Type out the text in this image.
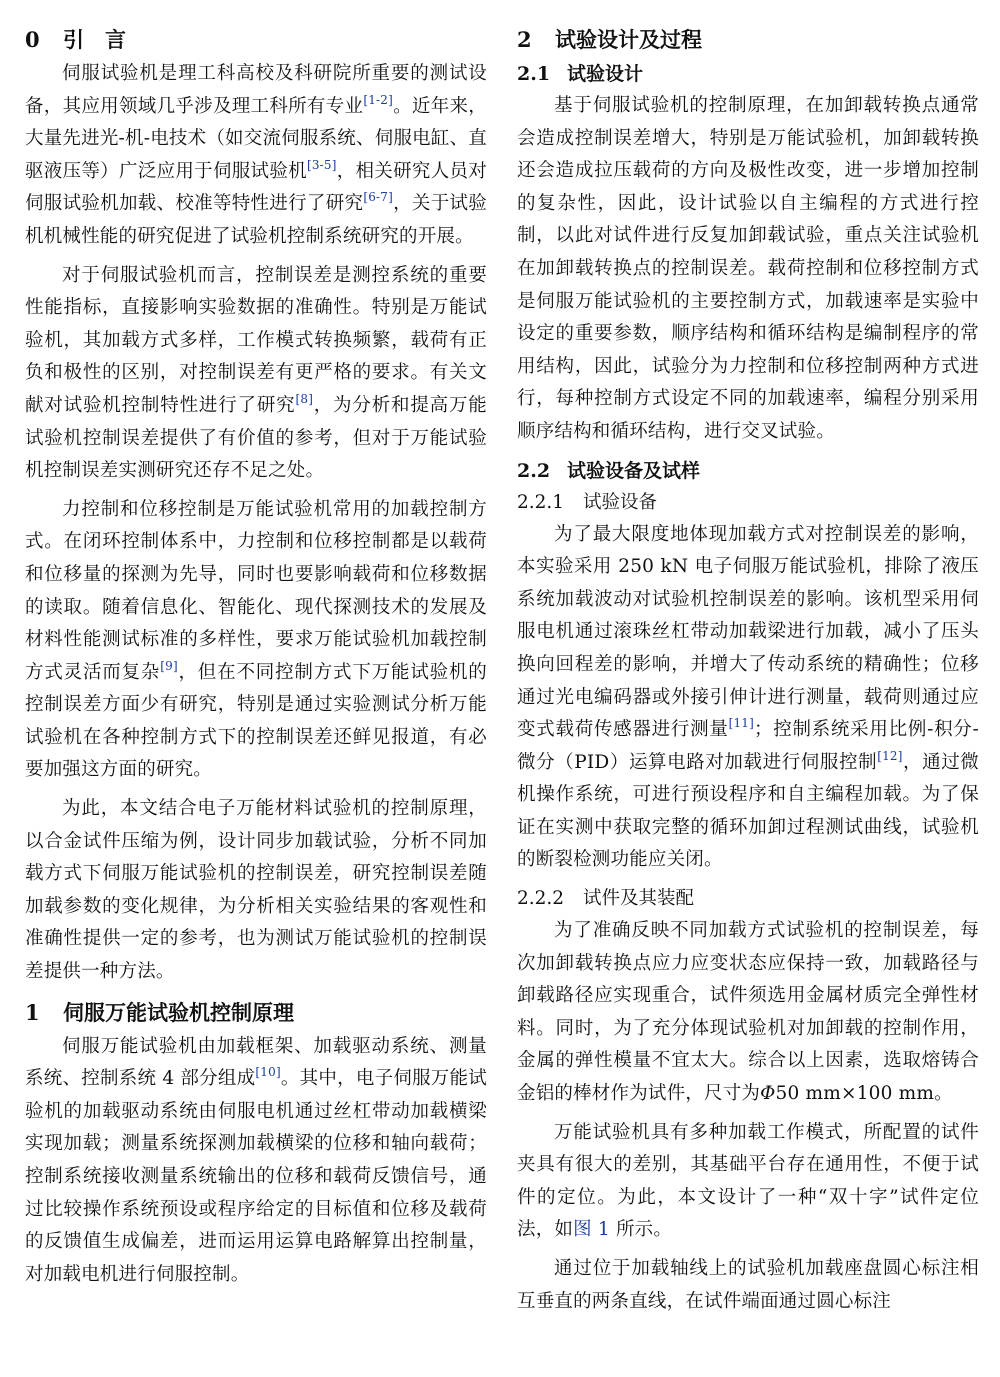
0 引　言

伺服试验机是理工科高校及科研院所重要的测试设备，其应用领域几乎涉及理工科所有专业[1-2]。近年来，大量先进光-机-电技术（如交流伺服系统、伺服电缸、直驱液压等）广泛应用于伺服试验机[3-5]，相关研究人员对伺服试验机加载、校准等特性进行了研究[6-7]，关于试验机机械性能的研究促进了试验机控制系统研究的开展。

对于伺服试验机而言，控制误差是测控系统的重要性能指标，直接影响实验数据的准确性。特别是万能试验机，其加载方式多样，工作模式转换频繁，载荷有正负和极性的区别，对控制误差有更严格的要求。有关文献对试验机控制特性进行了研究[8]，为分析和提高万能试验机控制误差提供了有价值的参考，但对于万能试验机控制误差实测研究还存不足之处。

力控制和位移控制是万能试验机常用的加载控制方式。在闭环控制体系中，力控制和位移控制都是以载荷和位移量的探测为先导，同时也要影响载荷和位移数据的读取。随着信息化、智能化、现代探测技术的发展及材料性能测试标准的多样性，要求万能试验机加载控制方式灵活而复杂[9]，但在不同控制方式下万能试验机的控制误差方面少有研究，特别是通过实验测试分析万能试验机在各种控制方式下的控制误差还鲜见报道，有必要加强这方面的研究。

为此，本文结合电子万能材料试验机的控制原理，以合金试件压缩为例，设计同步加载试验，分析不同加载方式下伺服万能试验机的控制误差，研究控制误差随加载参数的变化规律，为分析相关实验结果的客观性和准确性提供一定的参考，也为测试万能试验机的控制误差提供一种方法。

1 伺服万能试验机控制原理

伺服万能试验机由加载框架、加载驱动系统、测量系统、控制系统 4 部分组成[10]。其中，电子伺服万能试验机的加载驱动系统由伺服电机通过丝杠带动加载横梁实现加载；测量系统探测加载横梁的位移和轴向载荷；控制系统接收测量系统输出的位移和载荷反馈信号，通过比较操作系统预设或程序给定的目标值和位移及载荷的反馈值生成偏差，进而运用运算电路解算出控制量，对加载电机进行伺服控制。

2 试验设计及过程
2.1 试验设计

基于伺服试验机的控制原理，在加卸载转换点通常会造成控制误差增大，特别是万能试验机，加卸载转换还会造成拉压载荷的方向及极性改变，进一步增加控制的复杂性，因此，设计试验以自主编程的方式进行控制，以此对试件进行反复加卸载试验，重点关注试验机在加卸载转换点的控制误差。载荷控制和位移控制方式是伺服万能试验机的主要控制方式，加载速率是实验中设定的重要参数，顺序结构和循环结构是编制程序的常用结构，因此，试验分为力控制和位移控制两种方式进行，每种控制方式设定不同的加载速率，编程分别采用顺序结构和循环结构，进行交叉试验。

2.2 试验设备及试样
2.2.1 试验设备

为了最大限度地体现加载方式对控制误差的影响，本实验采用 250 kN 电子伺服万能试验机，排除了液压系统加载波动对试验机控制误差的影响。该机型采用伺服电机通过滚珠丝杠带动加载梁进行加载，减小了压头换向回程差的影响，并增大了传动系统的精确性；位移通过光电编码器或外接引伸计进行测量，载荷则通过应变式载荷传感器进行测量[11]；控制系统采用比例-积分-微分（PID）运算电路对加载进行伺服控制[12]，通过微机操作系统，可进行预设程序和自主编程加载。为了保证在实测中获取完整的循环加卸过程测试曲线，试验机的断裂检测功能应关闭。

2.2.2 试件及其装配

为了准确反映不同加载方式试验机的控制误差，每次加卸载转换点应力应变状态应保持一致，加载路径与卸载路径应实现重合，试件须选用金属材质完全弹性材料。同时，为了充分体现试验机对加卸载的控制作用，金属的弹性模量不宜太大。综合以上因素，选取熔铸合金铝的棒材作为试件，尺寸为Φ50 mm×100 mm。

万能试验机具有多种加载工作模式，所配置的试件夹具有很大的差别，其基础平台存在通用性，不便于试件的定位。为此，本文设计了一种“双十字”试件定位法，如图 1 所示。

通过位于加载轴线上的试验机加载座盘圆心标注相互垂直的两条直线，在试件端面通过圆心标注
